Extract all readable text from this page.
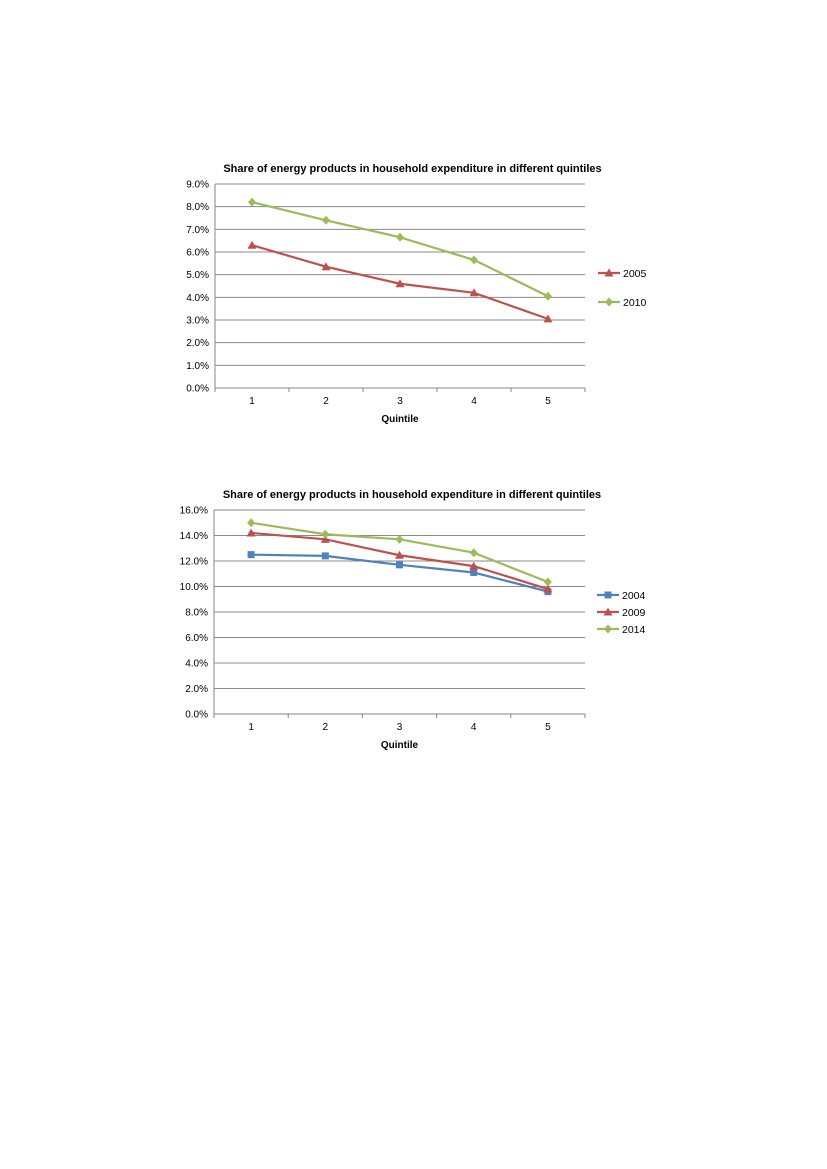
Share of energy products in household expenditure in different quintiles
0.0%
1.0%
2.0%
3.0%
4.0%
5.0%
6.0%
7.0%
8.0%
9.0%
1	2	3	4	5
Quintile
2005
2010
Share of energy products in household expenditure in different quintiles
0.0%
2.0%
4.0%
6.0%
8.0%
10.0%
12.0%
14.0%
16.0%
1	2	3	4	5
Quintile
2004
2009
2014
